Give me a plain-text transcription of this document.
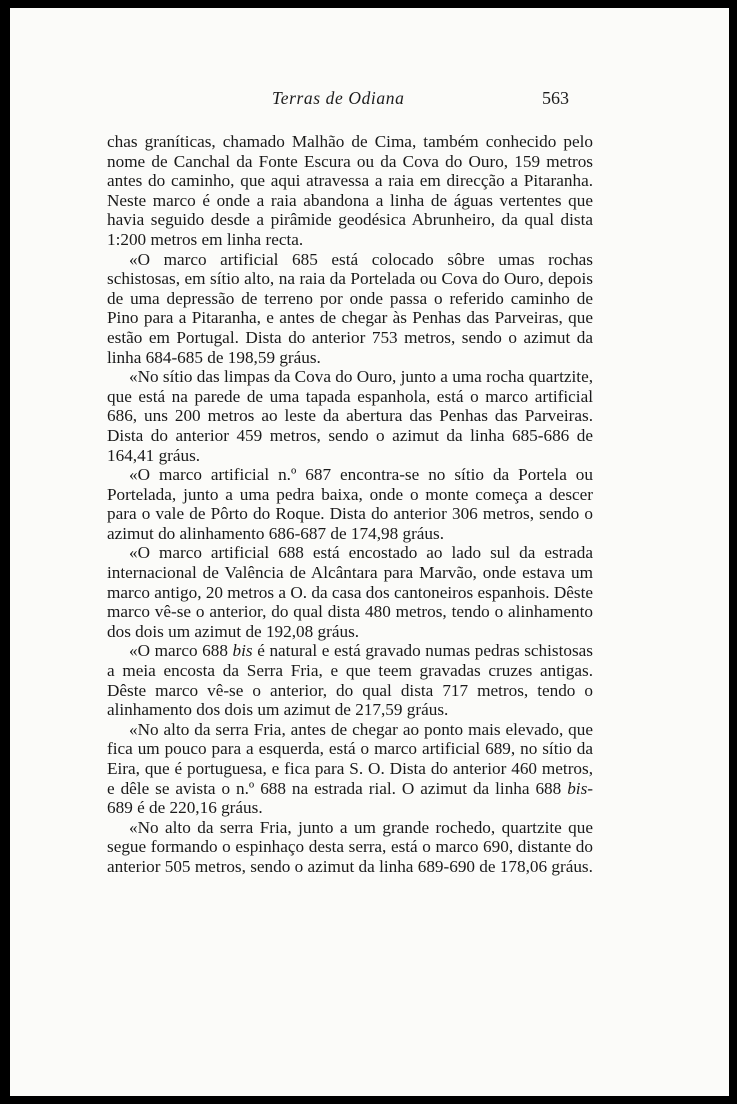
Terras de Odiana	563

chas graníticas, chamado Malhão de Cima, também conhecido pelo nome de Canchal da Fonte Escura ou da Cova do Ouro, 159 metros antes do caminho, que aqui atravessa a raia em direcção a Pitaranha. Neste marco é onde a raia abandona a linha de águas vertentes que havia seguido desde a pirâmide geodésica Abrunheiro, da qual dista 1:200 metros em linha recta.

«O marco artificial 685 está colocado sôbre umas rochas schistosas, em sítio alto, na raia da Portelada ou Cova do Ouro, depois de uma depressão de terreno por onde passa o referido caminho de Pino para a Pitaranha, e antes de chegar às Penhas das Parveiras, que estão em Portugal. Dista do anterior 753 metros, sendo o azimut da linha 684-685 de 198,59 gráus.

«No sítio das limpas da Cova do Ouro, junto a uma rocha quartzite, que está na parede de uma tapada espanhola, está o marco artificial 686, uns 200 metros ao leste da abertura das Penhas das Parveiras. Dista do anterior 459 metros, sendo o azimut da linha 685-686 de 164,41 gráus.

«O marco artificial n.º 687 encontra-se no sítio da Portela ou Portelada, junto a uma pedra baixa, onde o monte começa a descer para o vale de Pôrto do Roque. Dista do anterior 306 metros, sendo o azimut do alinhamento 686-687 de 174,98 gráus.

«O marco artificial 688 está encostado ao lado sul da estrada internacional de Valência de Alcântara para Marvão, onde estava um marco antigo, 20 metros a O. da casa dos cantoneiros espanhois. Dêste marco vê-se o anterior, do qual dista 480 metros, tendo o alinhamento dos dois um azimut de 192,08 gráus.

«O marco 688 bis é natural e está gravado numas pedras schistosas a meia encosta da Serra Fria, e que teem gravadas cruzes antigas. Dêste marco vê-se o anterior, do qual dista 717 metros, tendo o alinhamento dos dois um azimut de 217,59 gráus.

«No alto da serra Fria, antes de chegar ao ponto mais elevado, que fica um pouco para a esquerda, está o marco artificial 689, no sítio da Eira, que é portuguesa, e fica para S. O. Dista do anterior 460 metros, e dêle se avista o n.º 688 na estrada rial. O azimut da linha 688 bis-689 é de 220,16 gráus.

«No alto da serra Fria, junto a um grande rochedo, quartzite que segue formando o espinhaço desta serra, está o marco 690, distante do anterior 505 metros, sendo o azimut da linha 689-690 de 178,06 gráus.
